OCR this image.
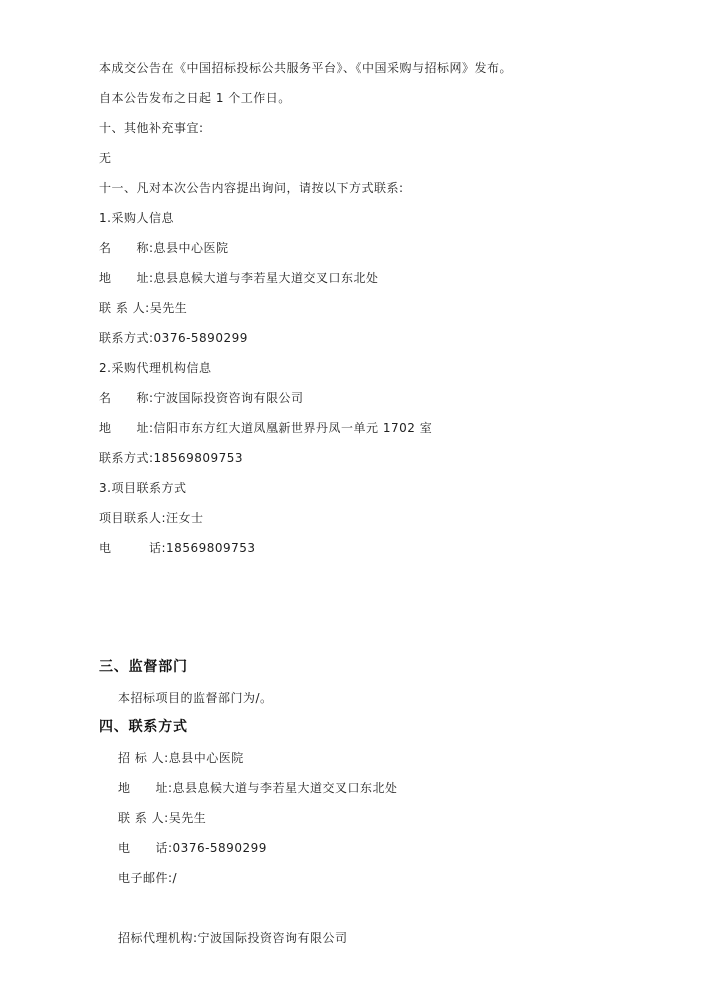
本成交公告在《中国招标投标公共服务平台》、《中国采购与招标网》发布。
自本公告发布之日起 1 个工作日。
十、其他补充事宜:
无
十一、凡对本次公告内容提出询问，请按以下方式联系:
1.采购人信息
名　　称:息县中心医院
地　　址:息县息候大道与李若星大道交叉口东北处
联 系 人:吴先生
联系方式:0376-5890299
2.采购代理机构信息
名　　称:宁波国际投资咨询有限公司
地　　址:信阳市东方红大道凤凰新世界丹凤一单元 1702 室
联系方式:18569809753
3.项目联系方式
项目联系人:汪女士
电　　　话:18569809753
三、监督部门
本招标项目的监督部门为/。
四、联系方式
招 标 人:息县中心医院
地　　址:息县息候大道与李若星大道交叉口东北处
联 系 人:吴先生
电　　话:0376-5890299
电子邮件:/
招标代理机构:宁波国际投资咨询有限公司
